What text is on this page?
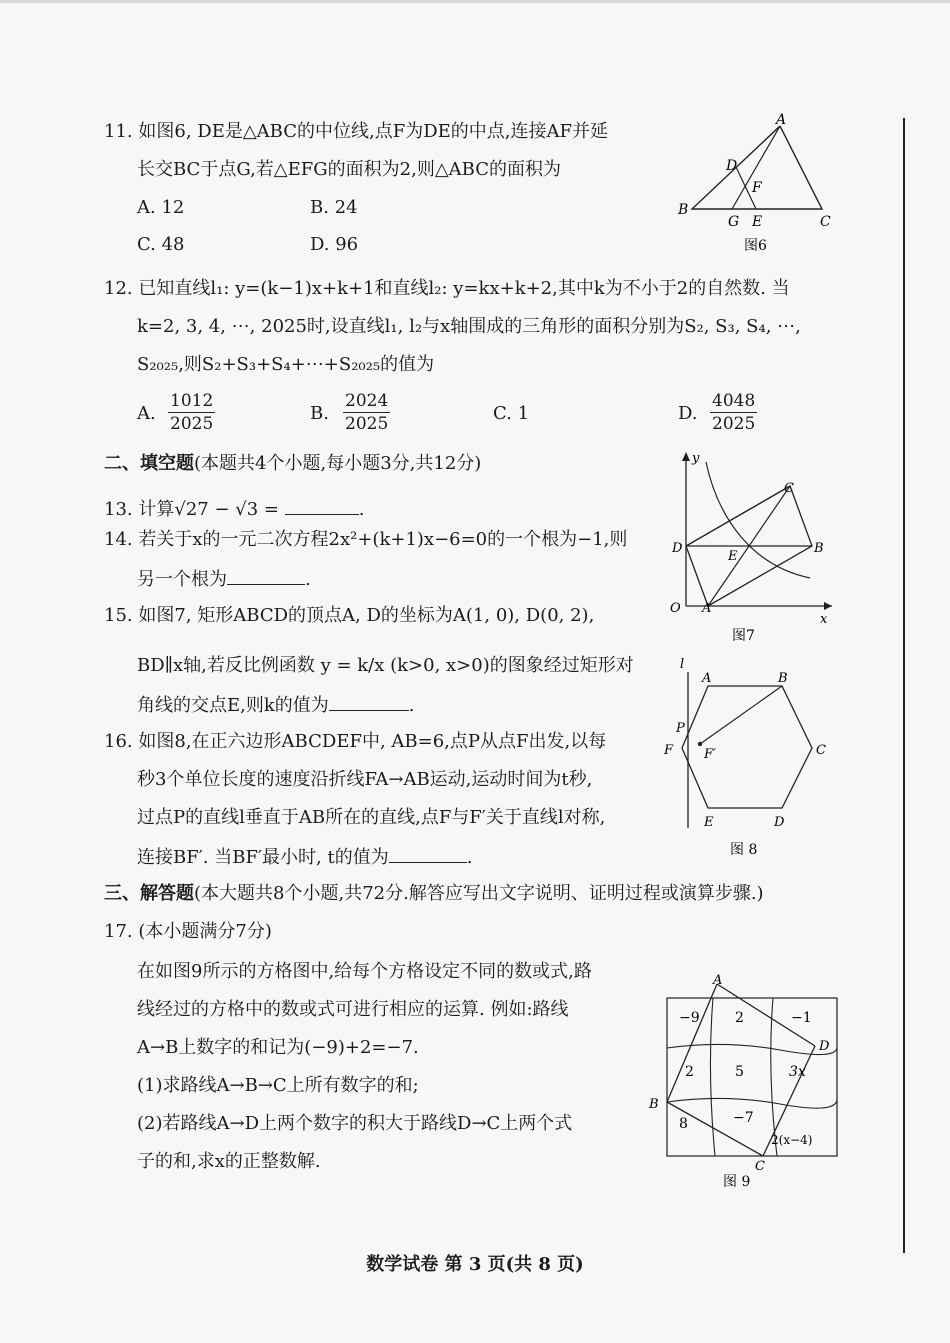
11. 如图6, DE是△ABC的中位线,点F为DE的中点,连接AF并延
长交BC于点G,若△EFG的面积为2,则△ABC的面积为
A. 12	B. 24
C. 48	D. 96
A
B
C
D
E
F
G
图6
12. 已知直线l₁: y=(k−1)x+k+1和直线l₂: y=kx+k+2,其中k为不小于2的自然数. 当
k=2, 3, 4, ⋯, 2025时,设直线l₁, l₂与x轴围成的三角形的面积分别为S₂, S₃, S₄, ⋯,
S₂₀₂₅,则S₂+S₃+S₄+⋯+S₂₀₂₅的值为
A. $\frac{1012}{2025}$	B. $\frac{2024}{2025}$	C. 1	D. $\frac{4048}{2025}$
二、填空题(本题共4个小题,每小题3分,共12分)
13. 计算√27 − √3 =	.
14. 若关于x的一元二次方程2x²+(k+1)x−6=0的一个根为−1,则
另一个根为	.
15. 如图7, 矩形ABCD的顶点A, D的坐标为A(1, 0), D(0, 2),
BD∥x轴,若反比例函数 y = k/x (k>0, x>0)的图象经过矩形对
角线的交点E,则k的值为	.
y
x
O A
B
C
D
E
图7
16. 如图8,在正六边形ABCDEF中, AB=6,点P从点F出发,以每
秒3个单位长度的速度沿折线FA→AB运动,运动时间为t秒,
过点P的直线l垂直于AB所在的直线,点F与F′关于直线l对称,
连接BF′. 当BF′最小时, t的值为	.
l
A	B
C
D
E
F
P
F′
图 8
三、解答题(本大题共8个小题,共72分.解答应写出文字说明、证明过程或演算步骤.)
17. (本小题满分7分)
在如图9所示的方格图中,给每个方格设定不同的数或式,路
线经过的方格中的数或式可进行相应的运算. 例如:路线
A→B上数字的和记为(−9)+2=−7.
(1)求路线A→B→C上所有数字的和;
(2)若路线A→D上两个数字的积大于路线D→C上两个式
子的和,求x的正整数解.
A
B
C
D
−9	2	−1
2	5	3x
8	−7
2(x−4)
图 9
数学试卷 第 3 页(共 8 页)
